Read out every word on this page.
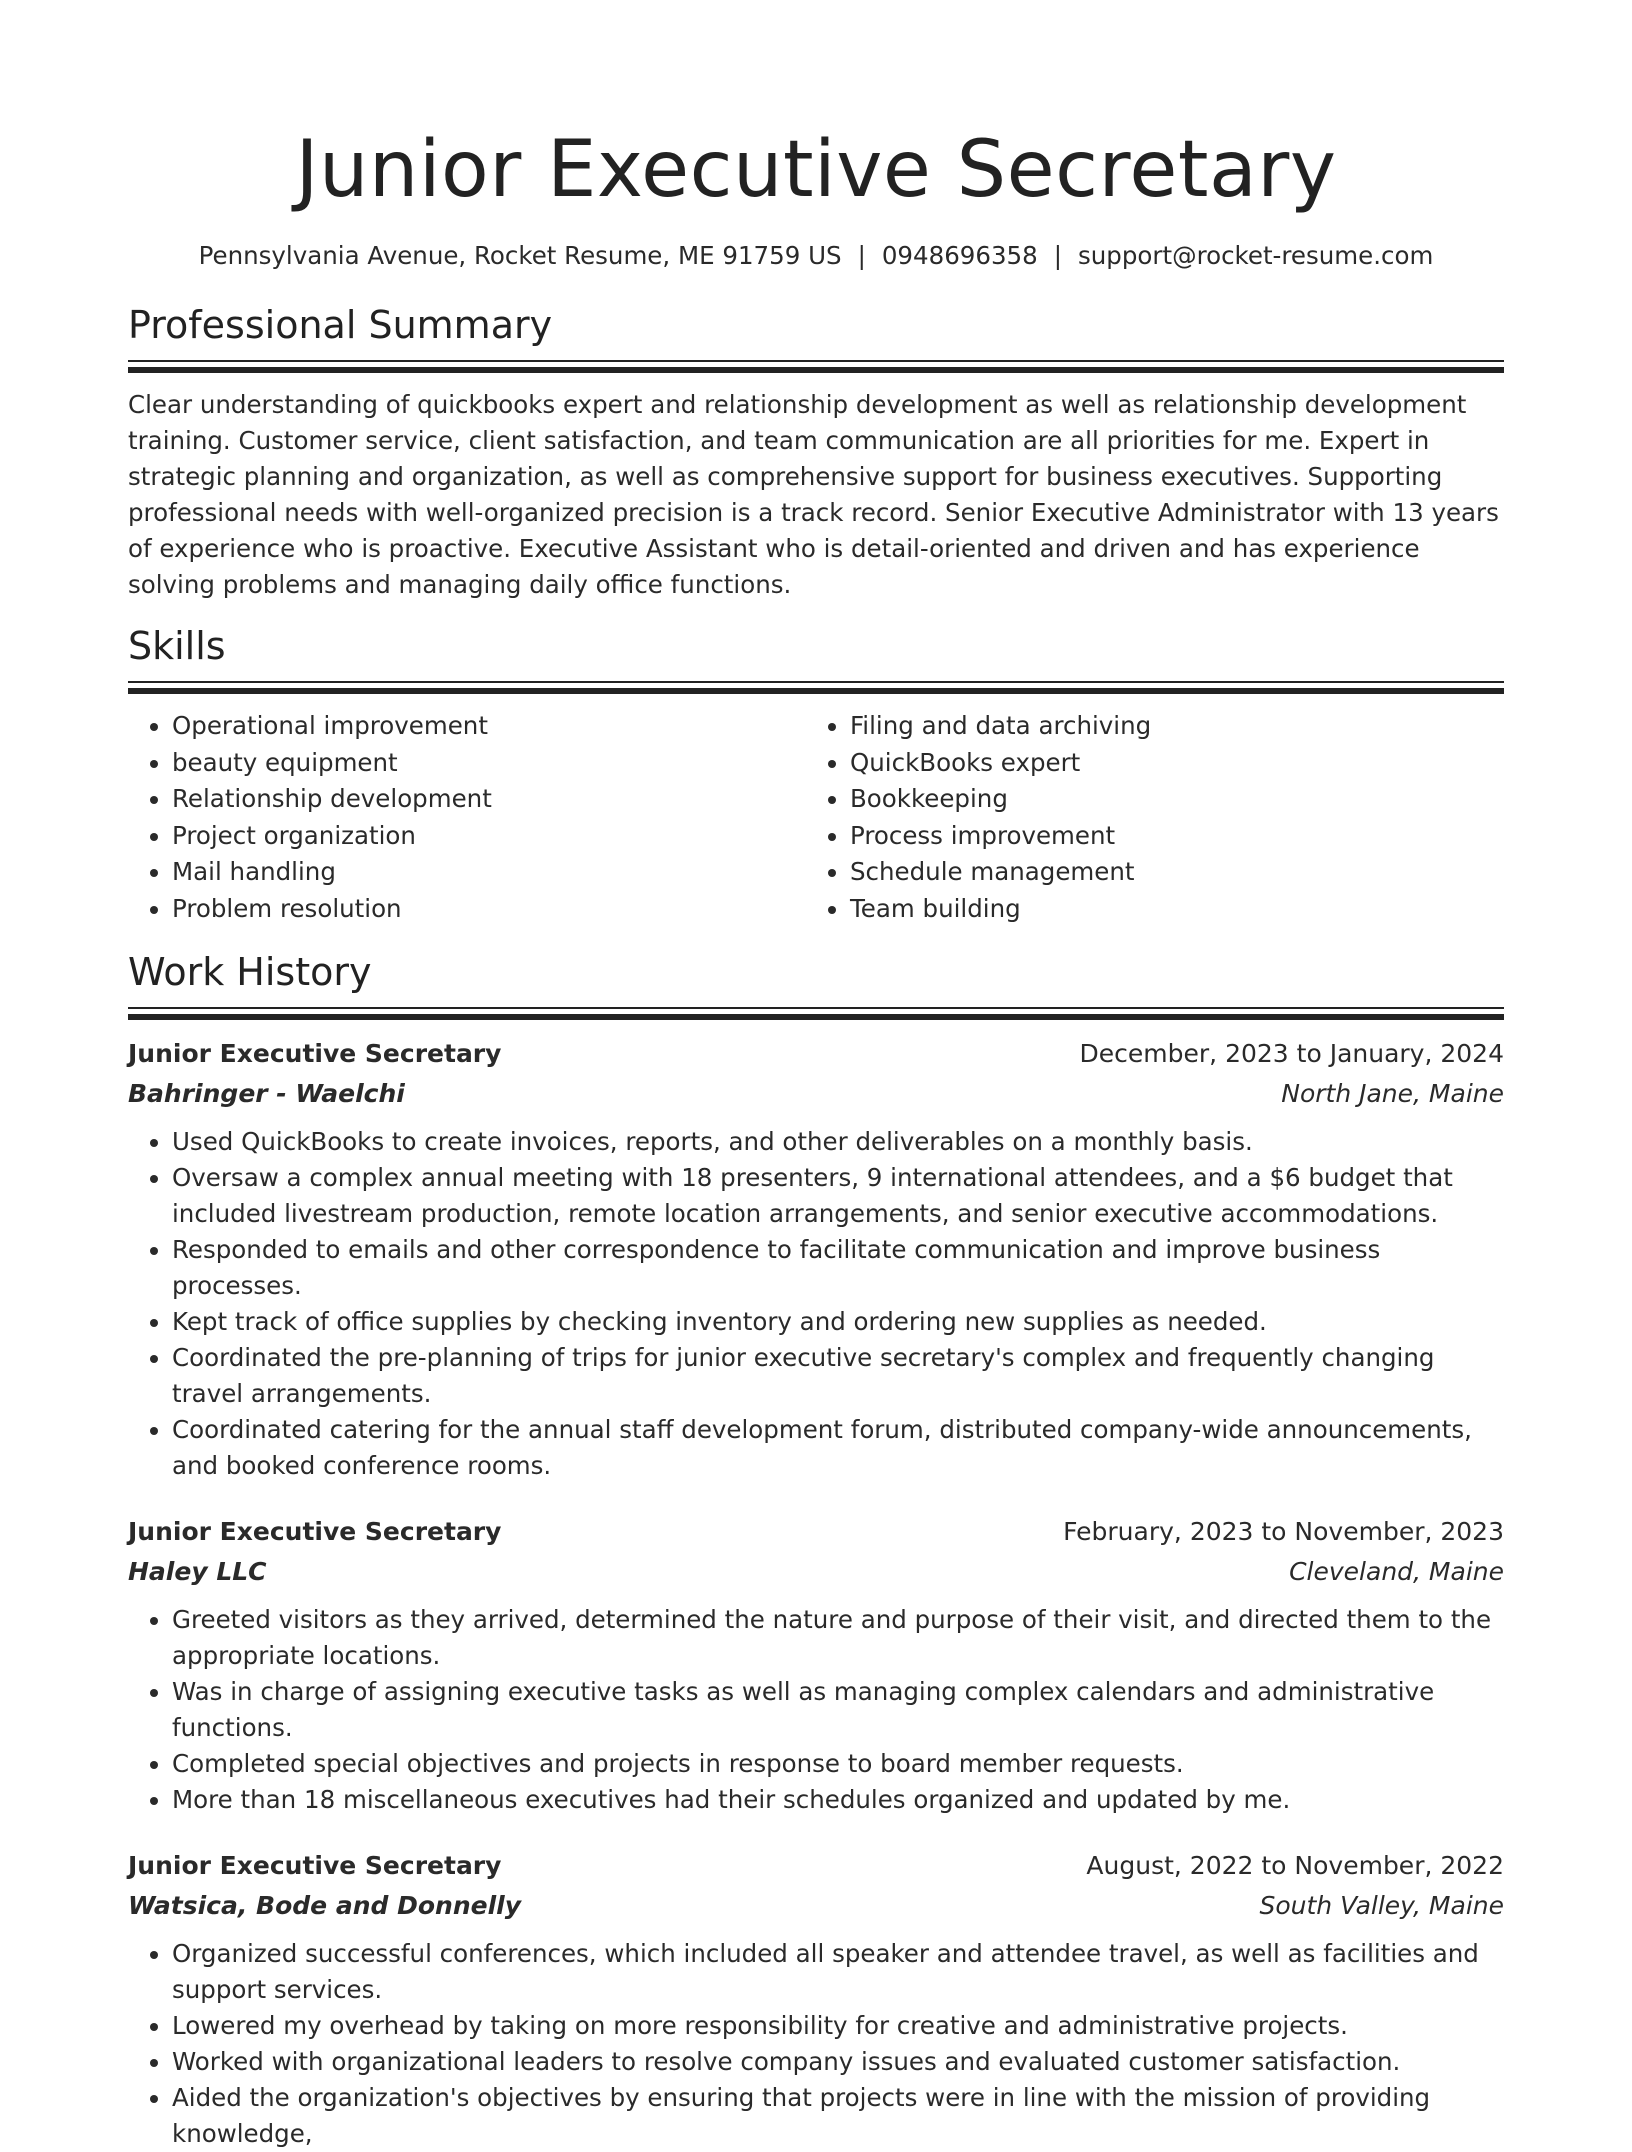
Junior Executive Secretary
Pennsylvania Avenue, Rocket Resume, ME 91759 US | 0948696358 | support@rocket-resume.com
Professional Summary

Clear understanding of quickbooks expert and relationship development as well as relationship development training. Customer service, client satisfaction, and team communication are all priorities for me. Expert in strategic planning and organization, as well as comprehensive support for business executives. Supporting professional needs with well-organized precision is a track record. Senior Executive Administrator with 13 years of experience who is proactive. Executive Assistant who is detail-oriented and driven and has experience solving problems and managing daily office functions.

Skills
• Operational improvement
• beauty equipment
• Relationship development
• Project organization
• Mail handling
• Problem resolution
• Filing and data archiving
• QuickBooks expert
• Bookkeeping
• Process improvement
• Schedule management
• Team building
Work History
Junior Executive Secretary	December, 2023 to January, 2024
Bahringer - Waelchi	North Jane, Maine
• Used QuickBooks to create invoices, reports, and other deliverables on a monthly basis.
• Oversaw a complex annual meeting with 18 presenters, 9 international attendees, and a $6 budget that included livestream production, remote location arrangements, and senior executive accommodations.
• Responded to emails and other correspondence to facilitate communication and improve business processes.
• Kept track of office supplies by checking inventory and ordering new supplies as needed.
• Coordinated the pre-planning of trips for junior executive secretary's complex and frequently changing travel arrangements.
• Coordinated catering for the annual staff development forum, distributed company-wide announcements, and booked conference rooms.
Junior Executive Secretary	February, 2023 to November, 2023
Haley LLC	Cleveland, Maine
• Greeted visitors as they arrived, determined the nature and purpose of their visit, and directed them to the appropriate locations.
• Was in charge of assigning executive tasks as well as managing complex calendars and administrative functions.
• Completed special objectives and projects in response to board member requests.
• More than 18 miscellaneous executives had their schedules organized and updated by me.
Junior Executive Secretary	August, 2022 to November, 2022
Watsica, Bode and Donnelly	South Valley, Maine
• Organized successful conferences, which included all speaker and attendee travel, as well as facilities and support services.
• Lowered my overhead by taking on more responsibility for creative and administrative projects.
• Worked with organizational leaders to resolve company issues and evaluated customer satisfaction.
• Aided the organization's objectives by ensuring that projects were in line with the mission of providing knowledge,
